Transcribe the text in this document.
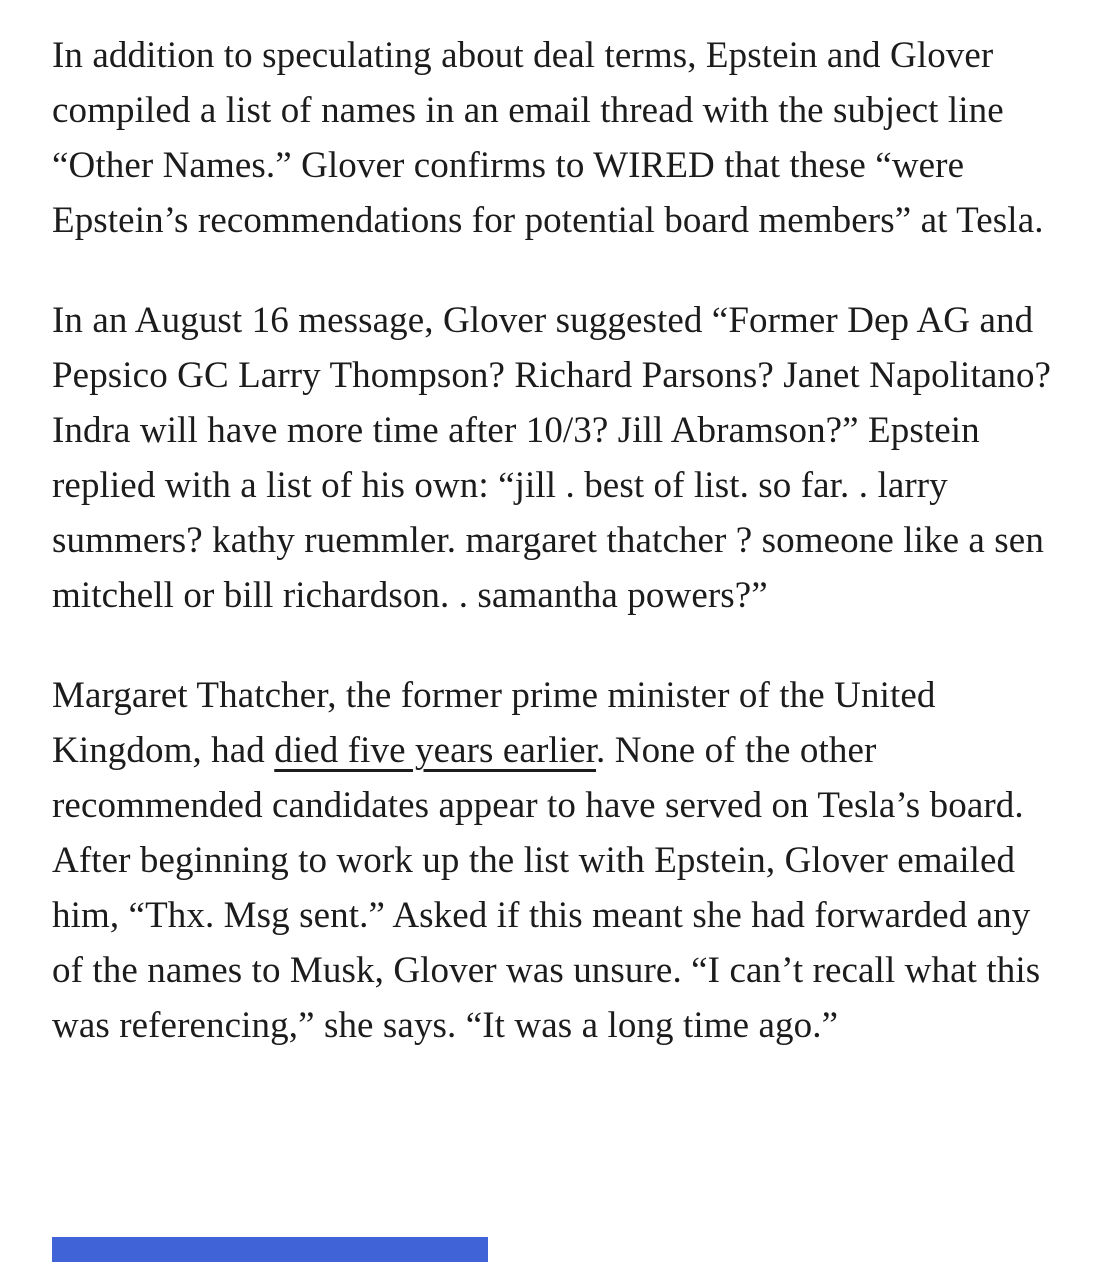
In addition to speculating about deal terms, Epstein and Glover compiled a list of names in an email thread with the subject line “Other Names.” Glover confirms to WIRED that these “were Epstein’s recommendations for potential board members” at Tesla.

In an August 16 message, Glover suggested “Former Dep AG and Pepsico GC Larry Thompson? Richard Parsons? Janet Napolitano? Indra will have more time after 10/3? Jill Abramson?” Epstein replied with a list of his own: “jill . best of list. so far. . larry summers? kathy ruemmler. margaret thatcher ? someone like a sen mitchell or bill richardson. . samantha powers?”

Margaret Thatcher, the former prime minister of the United Kingdom, had died five years earlier. None of the other recommended candidates appear to have served on Tesla’s board. After beginning to work up the list with Epstein, Glover emailed him, “Thx. Msg sent.” Asked if this meant she had forwarded any of the names to Musk, Glover was unsure. “I can’t recall what this was referencing,” she says. “It was a long time ago.”
